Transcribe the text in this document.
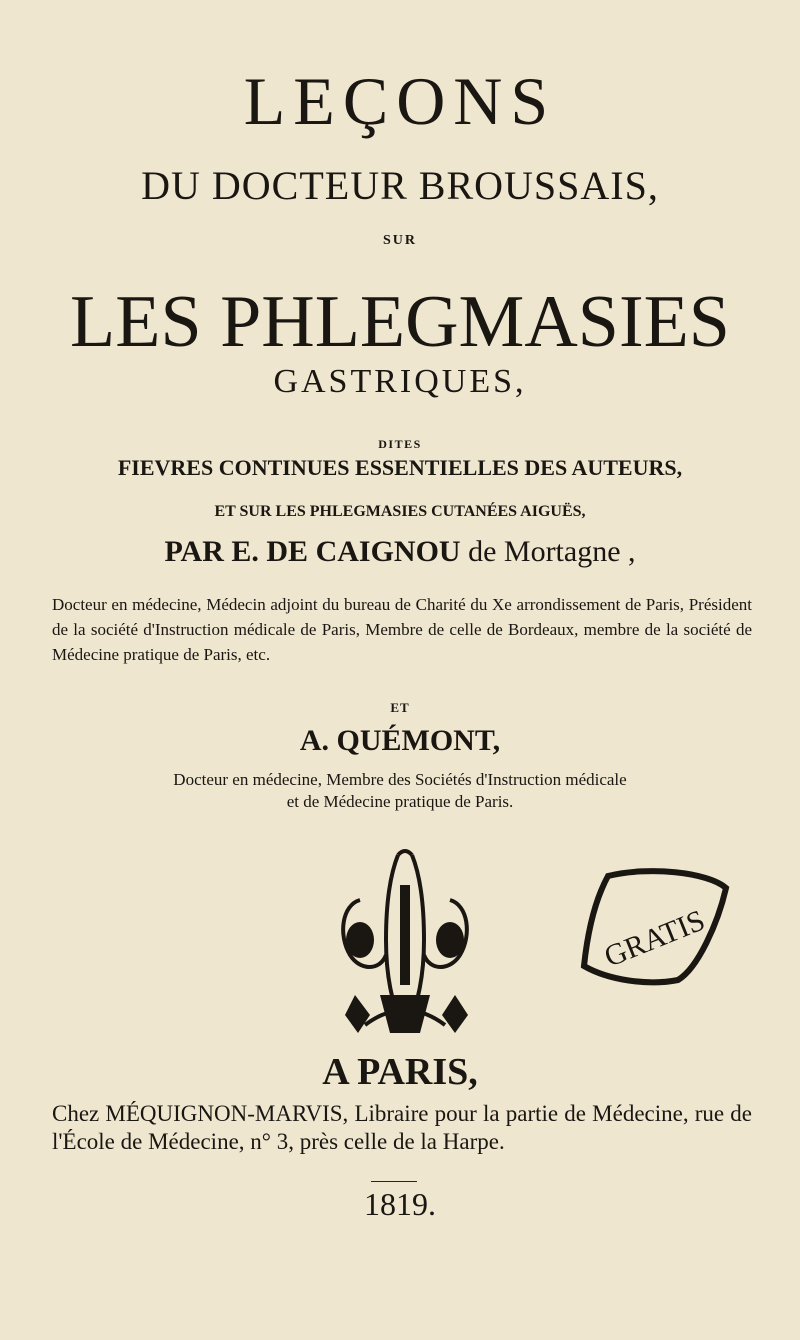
LEÇONS
DU DOCTEUR BROUSSAIS,
SUR
LES PHLEGMASIES
GASTRIQUES,
DITES
FIEVRES CONTINUES ESSENTIELLES DES AUTEURS,
ET SUR LES PHLEGMASIES CUTANÉES AIGUËS,
PAR E. DE CAIGNOU de Mortagne ,
Docteur en médecine, Médecin adjoint du bureau de Charité du Xe arrondissement de Paris, Président de la société d'Instruction médicale de Paris, Membre de celle de Bordeaux, membre de la société de Médecine pratique de Paris, etc.
ET
A. QUÉMONT,
Docteur en médecine, Membre des Sociétés d'Instruction médicale
et de Médecine pratique de Paris.
GRATIS
A PARIS,
Chez MÉQUIGNON-MARVIS, Libraire pour la partie de Médecine, rue de l'École de Médecine, n° 3, près celle de la Harpe.
1819.
